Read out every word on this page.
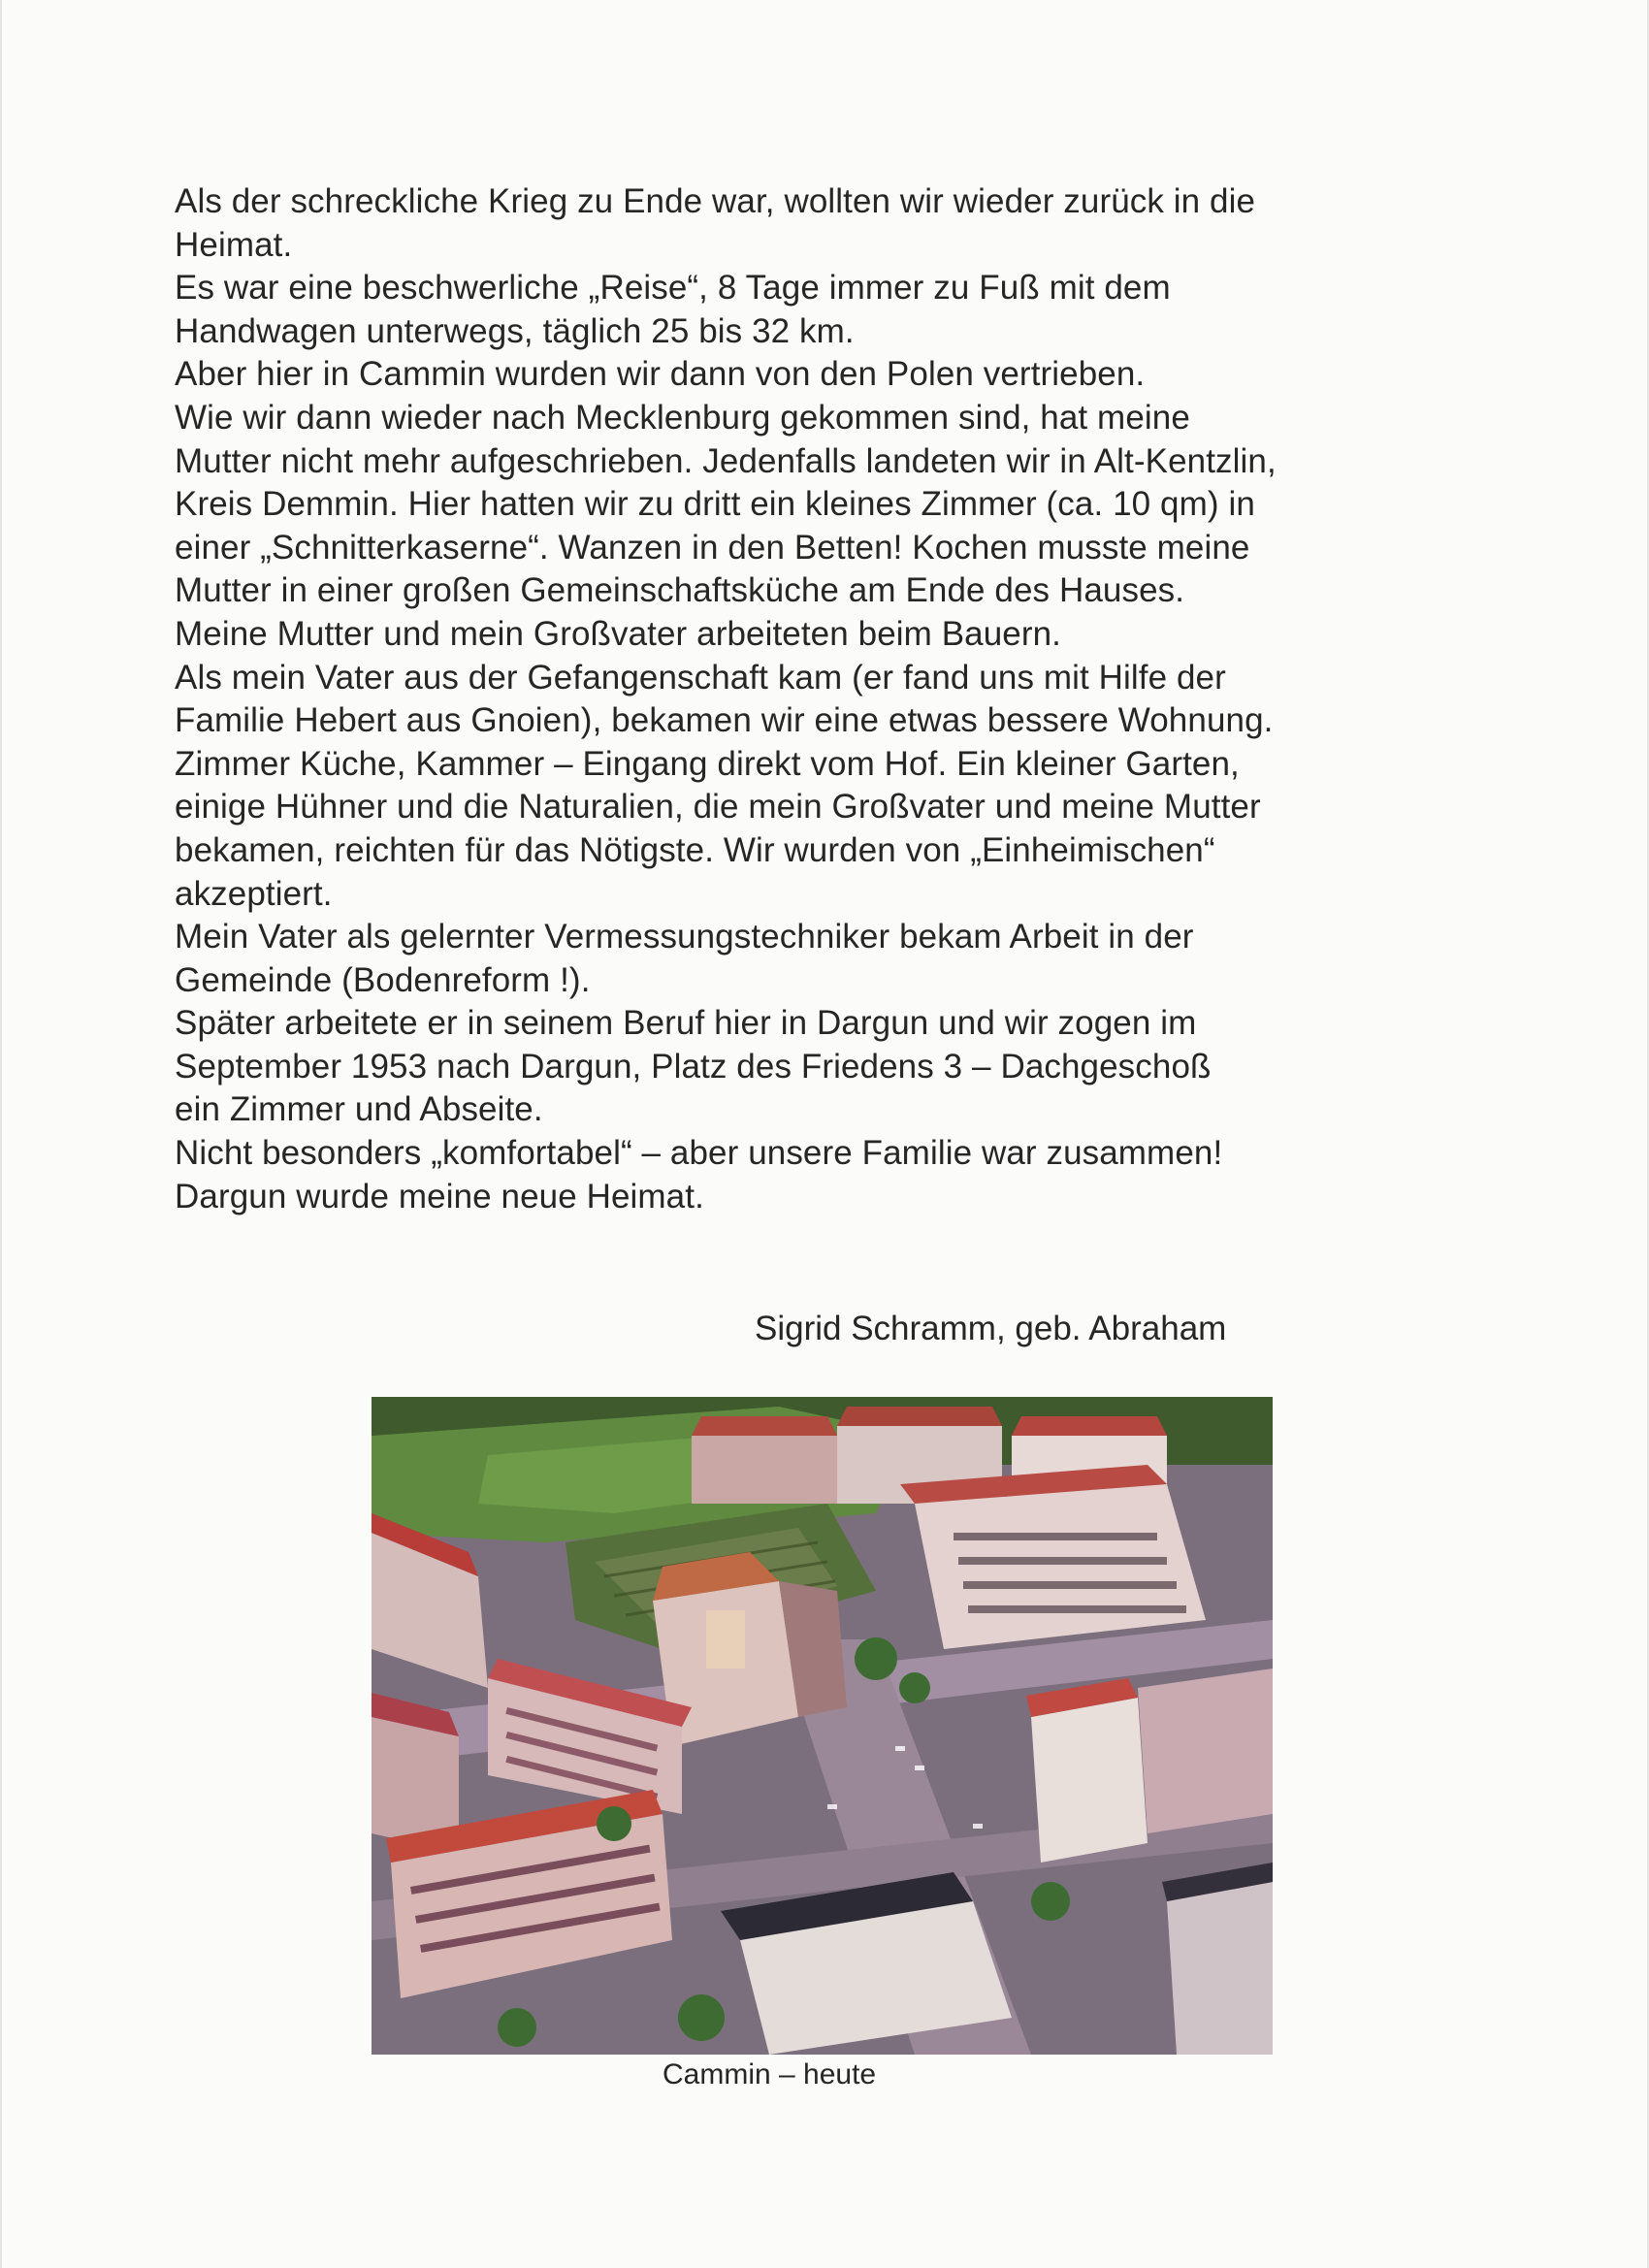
Als der schreckliche Krieg zu Ende war, wollten wir wieder zurück in die
Heimat.
Es war eine beschwerliche „Reise“, 8 Tage immer zu Fuß mit dem
Handwagen unterwegs, täglich 25 bis 32 km.
Aber hier in Cammin wurden wir dann von den Polen vertrieben.
Wie wir dann wieder nach Mecklenburg gekommen sind, hat meine
Mutter nicht mehr aufgeschrieben. Jedenfalls landeten wir in Alt-Kentzlin,
Kreis Demmin. Hier hatten wir zu dritt ein kleines Zimmer (ca. 10 qm) in
einer „Schnitterkaserne“. Wanzen in den Betten! Kochen musste meine
Mutter in einer großen Gemeinschaftsküche am Ende des Hauses.
Meine Mutter und mein Großvater arbeiteten beim Bauern.
Als mein Vater aus der Gefangenschaft kam (er fand uns mit Hilfe der
Familie Hebert aus Gnoien), bekamen wir eine etwas bessere Wohnung.
Zimmer Küche, Kammer – Eingang direkt vom Hof. Ein kleiner Garten,
einige Hühner und die Naturalien, die mein Großvater und meine Mutter
bekamen, reichten für das Nötigste. Wir wurden von „Einheimischen“
akzeptiert.
Mein Vater als gelernter Vermessungstechniker bekam Arbeit in der
Gemeinde (Bodenreform !).
Später arbeitete er in seinem Beruf hier in Dargun und wir zogen im
September 1953 nach Dargun, Platz des Friedens 3 – Dachgeschoß
ein Zimmer und Abseite.
Nicht besonders „komfortabel“ – aber unsere Familie war zusammen!
Dargun wurde meine neue Heimat.
Sigrid Schramm, geb. Abraham
Cammin – heute
